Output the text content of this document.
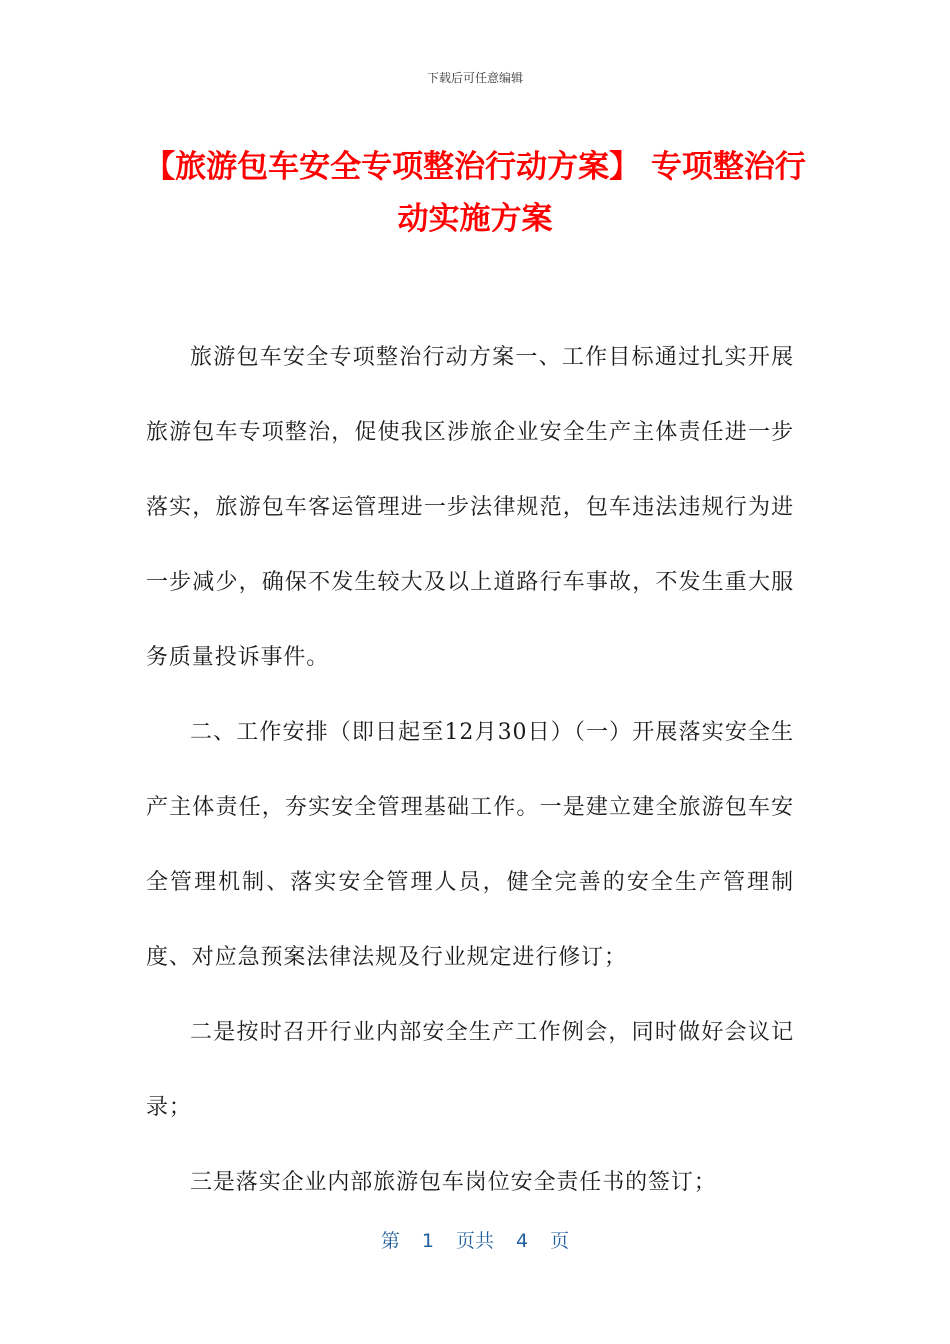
下载后可任意编辑
【旅游包车安全专项整治行动方案】 专项整治行动实施方案

旅游包车安全专项整治行动方案一、工作目标通过扎实开展旅游包车专项整治，促使我区涉旅企业安全生产主体责任进一步落实，旅游包车客运管理进一步法律规范，包车违法违规行为进一步减少，确保不发生较大及以上道路行车事故，不发生重大服务质量投诉事件。

二、工作安排（即日起至12月30日）（一）开展落实安全生产主体责任，夯实安全管理基础工作。一是建立建全旅游包车安全管理机制、落实安全管理人员，健全完善的安全生产管理制度、对应急预案法律法规及行业规定进行修订；

二是按时召开行业内部安全生产工作例会，同时做好会议记录；

三是落实企业内部旅游包车岗位安全责任书的签订；

第 1 页共 4 页
